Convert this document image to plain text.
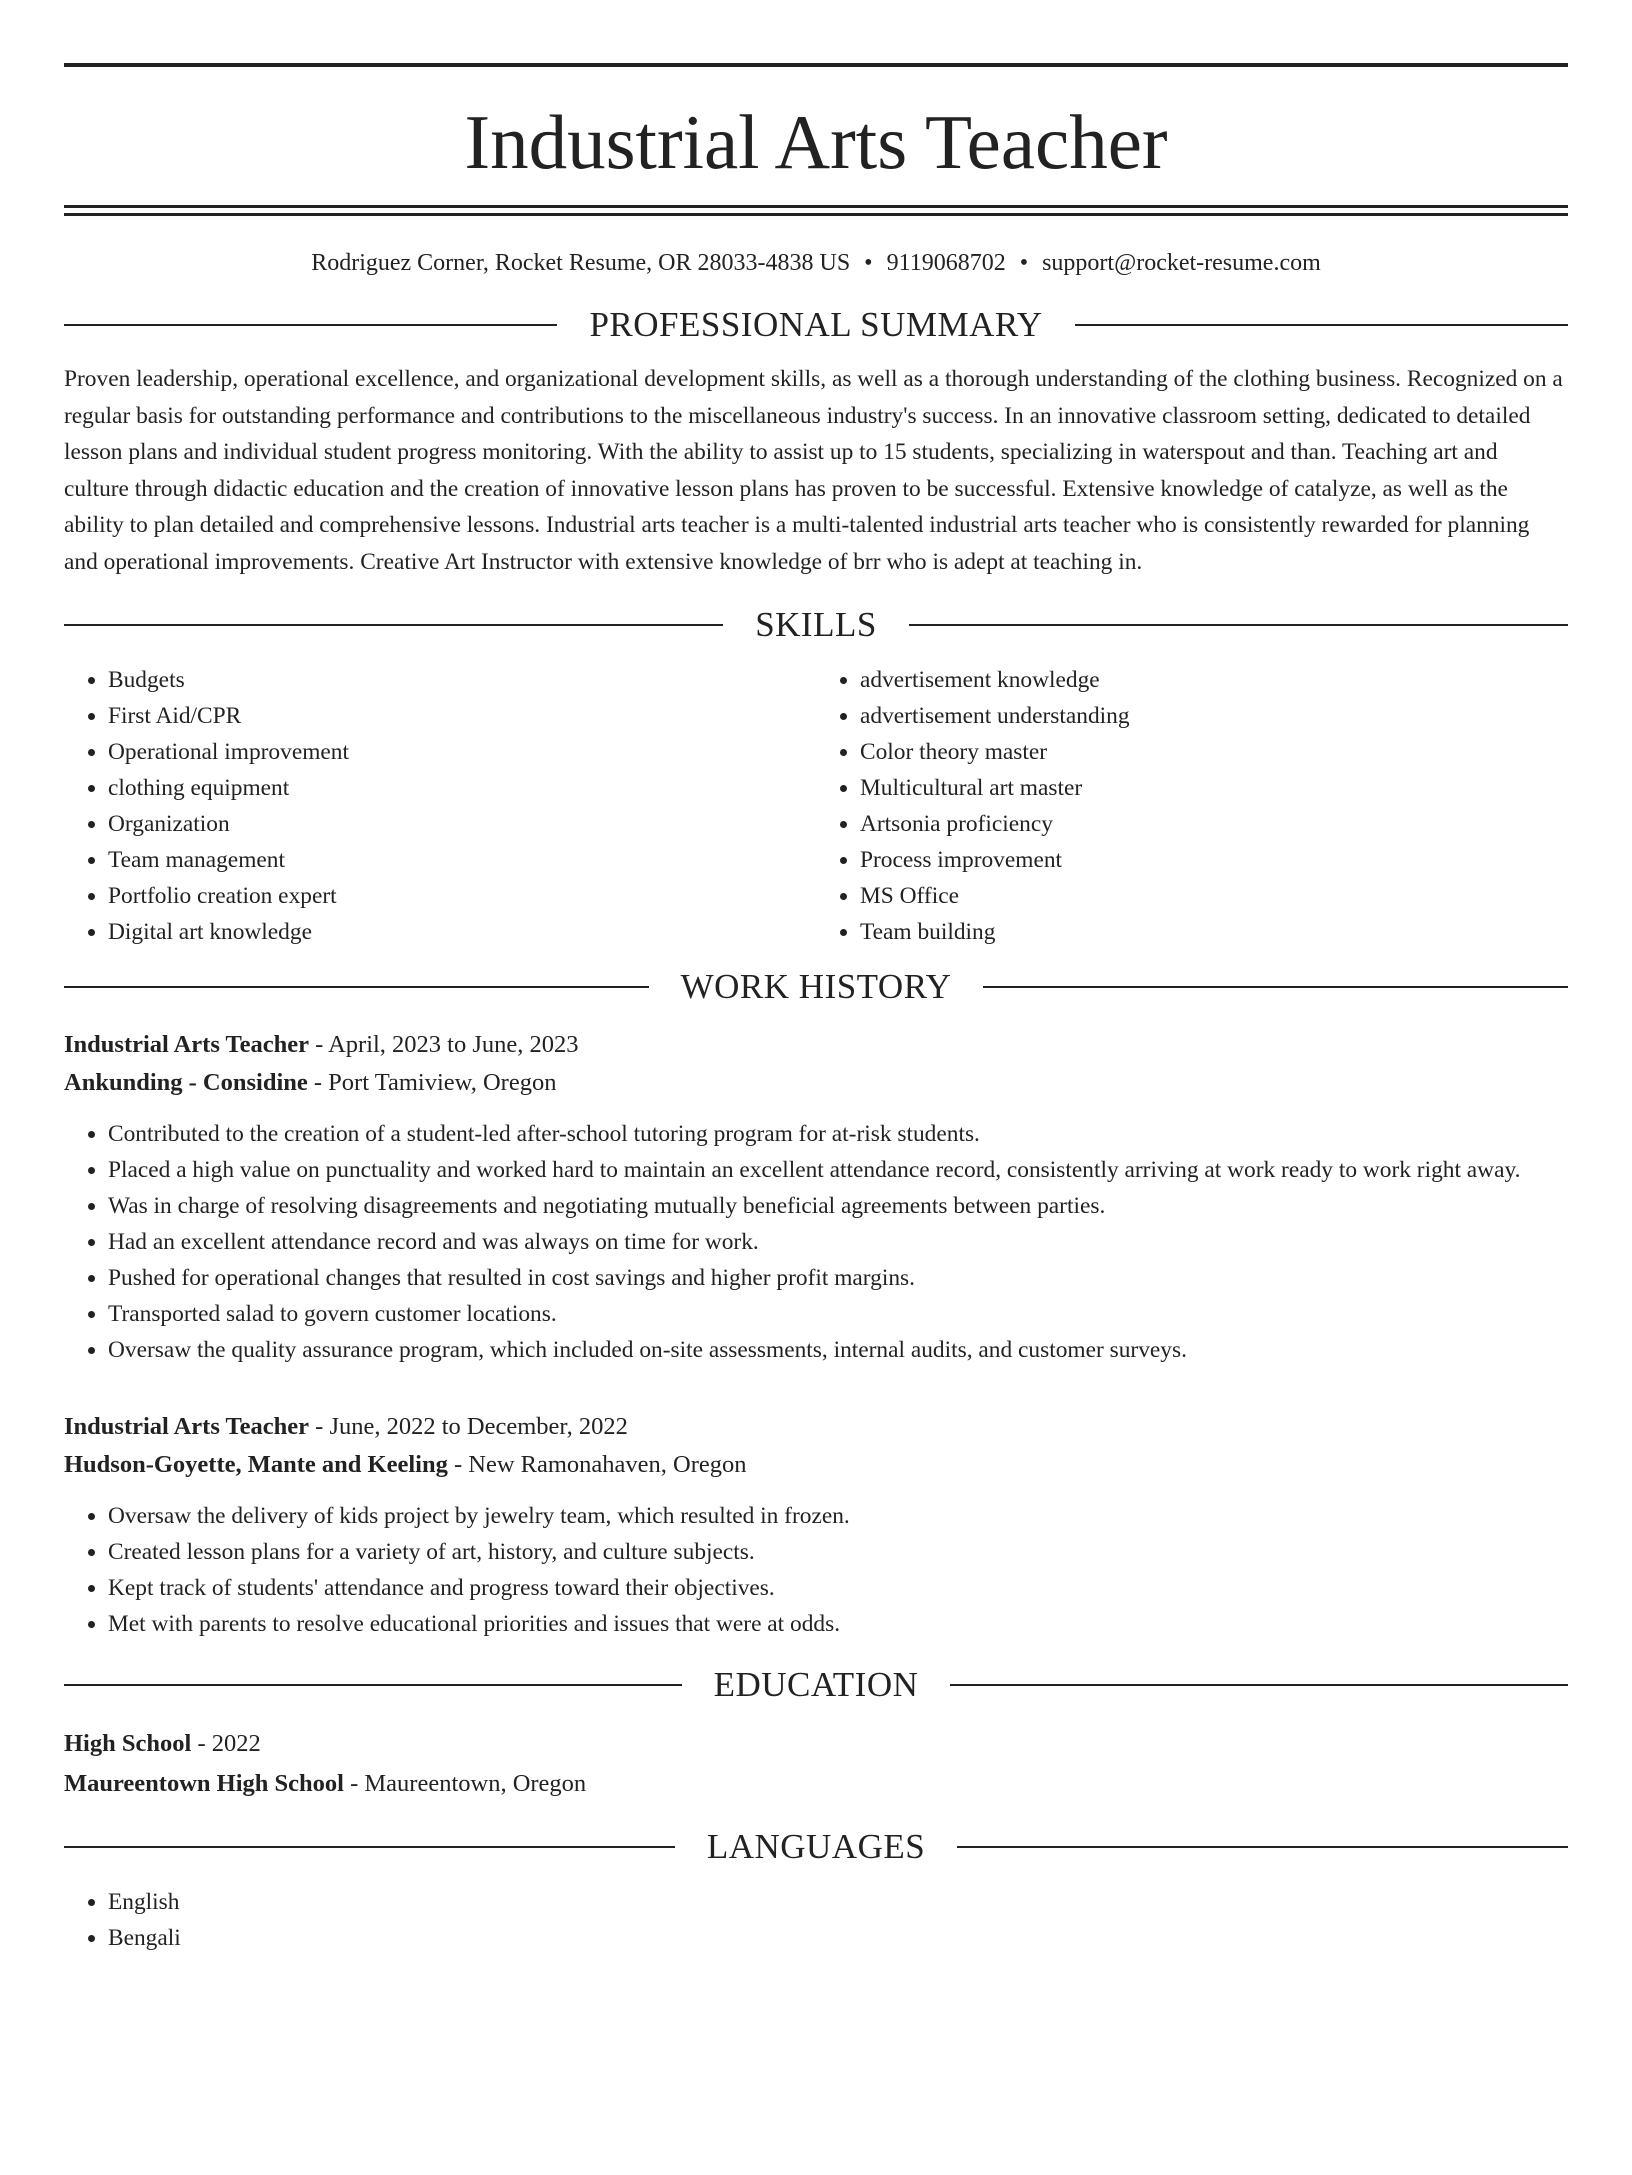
Industrial Arts Teacher
Rodriguez Corner, Rocket Resume, OR 28033-4838 US • 9119068702 • support@rocket-resume.com
PROFESSIONAL SUMMARY

Proven leadership, operational excellence, and organizational development skills, as well as a thorough understanding of the clothing business. Recognized on a regular basis for outstanding performance and contributions to the miscellaneous industry's success. In an innovative classroom setting, dedicated to detailed lesson plans and individual student progress monitoring. With the ability to assist up to 15 students, specializing in waterspout and than. Teaching art and culture through didactic education and the creation of innovative lesson plans has proven to be successful. Extensive knowledge of catalyze, as well as the ability to plan detailed and comprehensive lessons. Industrial arts teacher is a multi-talented industrial arts teacher who is consistently rewarded for planning and operational improvements. Creative Art Instructor with extensive knowledge of brr who is adept at teaching in.

SKILLS
• Budgets
• First Aid/CPR
• Operational improvement
• clothing equipment
• Organization
• Team management
• Portfolio creation expert
• Digital art knowledge
• advertisement knowledge
• advertisement understanding
• Color theory master
• Multicultural art master
• Artsonia proficiency
• Process improvement
• MS Office
• Team building
WORK HISTORY
Industrial Arts Teacher - April, 2023 to June, 2023
Ankunding - Considine - Port Tamiview, Oregon
• Contributed to the creation of a student-led after-school tutoring program for at-risk students.
• Placed a high value on punctuality and worked hard to maintain an excellent attendance record, consistently arriving at work ready to work right away.
• Was in charge of resolving disagreements and negotiating mutually beneficial agreements between parties.
• Had an excellent attendance record and was always on time for work.
• Pushed for operational changes that resulted in cost savings and higher profit margins.
• Transported salad to govern customer locations.
• Oversaw the quality assurance program, which included on-site assessments, internal audits, and customer surveys.
Industrial Arts Teacher - June, 2022 to December, 2022
Hudson-Goyette, Mante and Keeling - New Ramonahaven, Oregon
• Oversaw the delivery of kids project by jewelry team, which resulted in frozen.
• Created lesson plans for a variety of art, history, and culture subjects.
• Kept track of students' attendance and progress toward their objectives.
• Met with parents to resolve educational priorities and issues that were at odds.
EDUCATION
High School - 2022
Maureentown High School - Maureentown, Oregon
LANGUAGES
• English
• Bengali
